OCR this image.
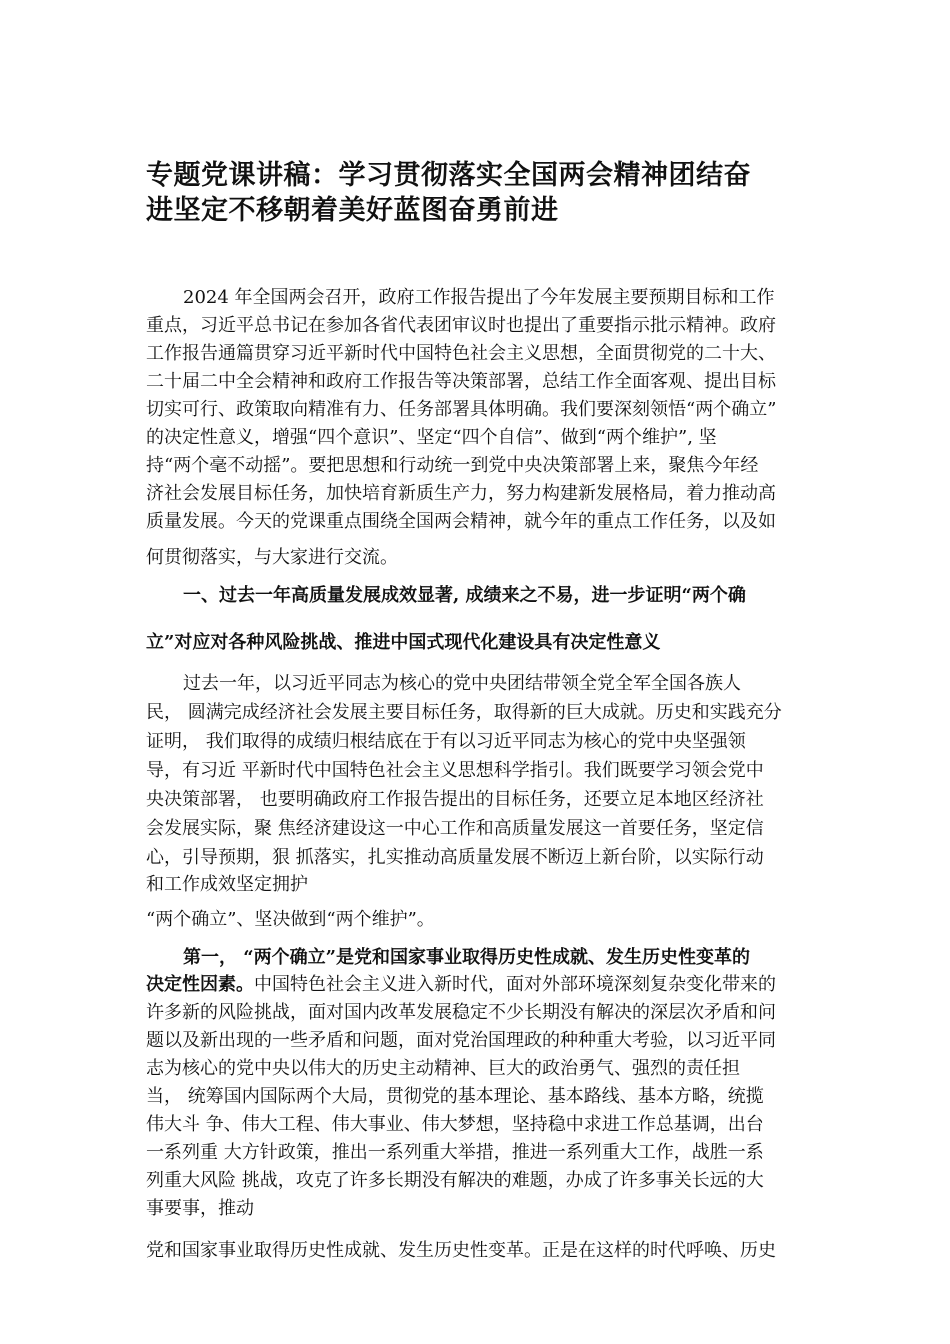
专题党课讲稿：学习贯彻落实全国两会精神团结奋
进坚定不移朝着美好蓝图奋勇前进
2024 年全国两会召开，政府工作报告提出了今年发展主要预期目标和工作
重点，习近平总书记在参加各省代表团审议时也提出了重要指示批示精神。政府
工作报告通篇贯穿习近平新时代中国特色社会主义思想，全面贯彻党的二十大、
二十届二中全会精神和政府工作报告等决策部署，总结工作全面客观、提出目标
切实可行、政策取向精准有力、任务部署具体明确。我们要深刻领悟“两个确立”
的决定性意义，增强“四个意识”、坚定“四个自信”、做到“两个维护”, 坚
持“两个毫不动摇”。要把思想和行动统一到党中央决策部署上来，聚焦今年经
济社会发展目标任务，加快培育新质生产力，努力构建新发展格局，着力推动高
质量发展。今天的党课重点围绕全国两会精神，就今年的重点工作任务，以及如
何贯彻落实，与大家进行交流。
一、过去一年高质量发展成效显著, 成绩来之不易，进一步证明“两个确
立”对应对各种风险挑战、推进中国式现代化建设具有决定性意义
过去一年，以习近平同志为核心的党中央团结带领全党全军全国各族人
民， 圆满完成经济社会发展主要目标任务，取得新的巨大成就。历史和实践充分
证明， 我们取得的成绩归根结底在于有以习近平同志为核心的党中央坚强领
导，有习近 平新时代中国特色社会主义思想科学指引。我们既要学习领会党中
央决策部署， 也要明确政府工作报告提出的目标任务，还要立足本地区经济社
会发展实际，聚 焦经济建设这一中心工作和高质量发展这一首要任务，坚定信
心，引导预期，狠 抓落实，扎实推动高质量发展不断迈上新台阶，以实际行动
和工作成效坚定拥护
“两个确立”、坚决做到“两个维护”。
第一， “两个确立”是党和国家事业取得历史性成就、发生历史性变革的
决定性因素。中国特色社会主义进入新时代，面对外部环境深刻复杂变化带来的
许多新的风险挑战，面对国内改革发展稳定不少长期没有解决的深层次矛盾和问
题以及新出现的一些矛盾和问题，面对党治国理政的种种重大考验，以习近平同
志为核心的党中央以伟大的历史主动精神、巨大的政治勇气、强烈的责任担
当， 统筹国内国际两个大局，贯彻党的基本理论、基本路线、基本方略，统揽
伟大斗 争、伟大工程、伟大事业、伟大梦想，坚持稳中求进工作总基调，出台
一系列重 大方针政策，推出一系列重大举措，推进一系列重大工作，战胜一系
列重大风险 挑战，攻克了许多长期没有解决的难题，办成了许多事关长远的大
事要事，推动
党和国家事业取得历史性成就、发生历史性变革。正是在这样的时代呼唤、历史
